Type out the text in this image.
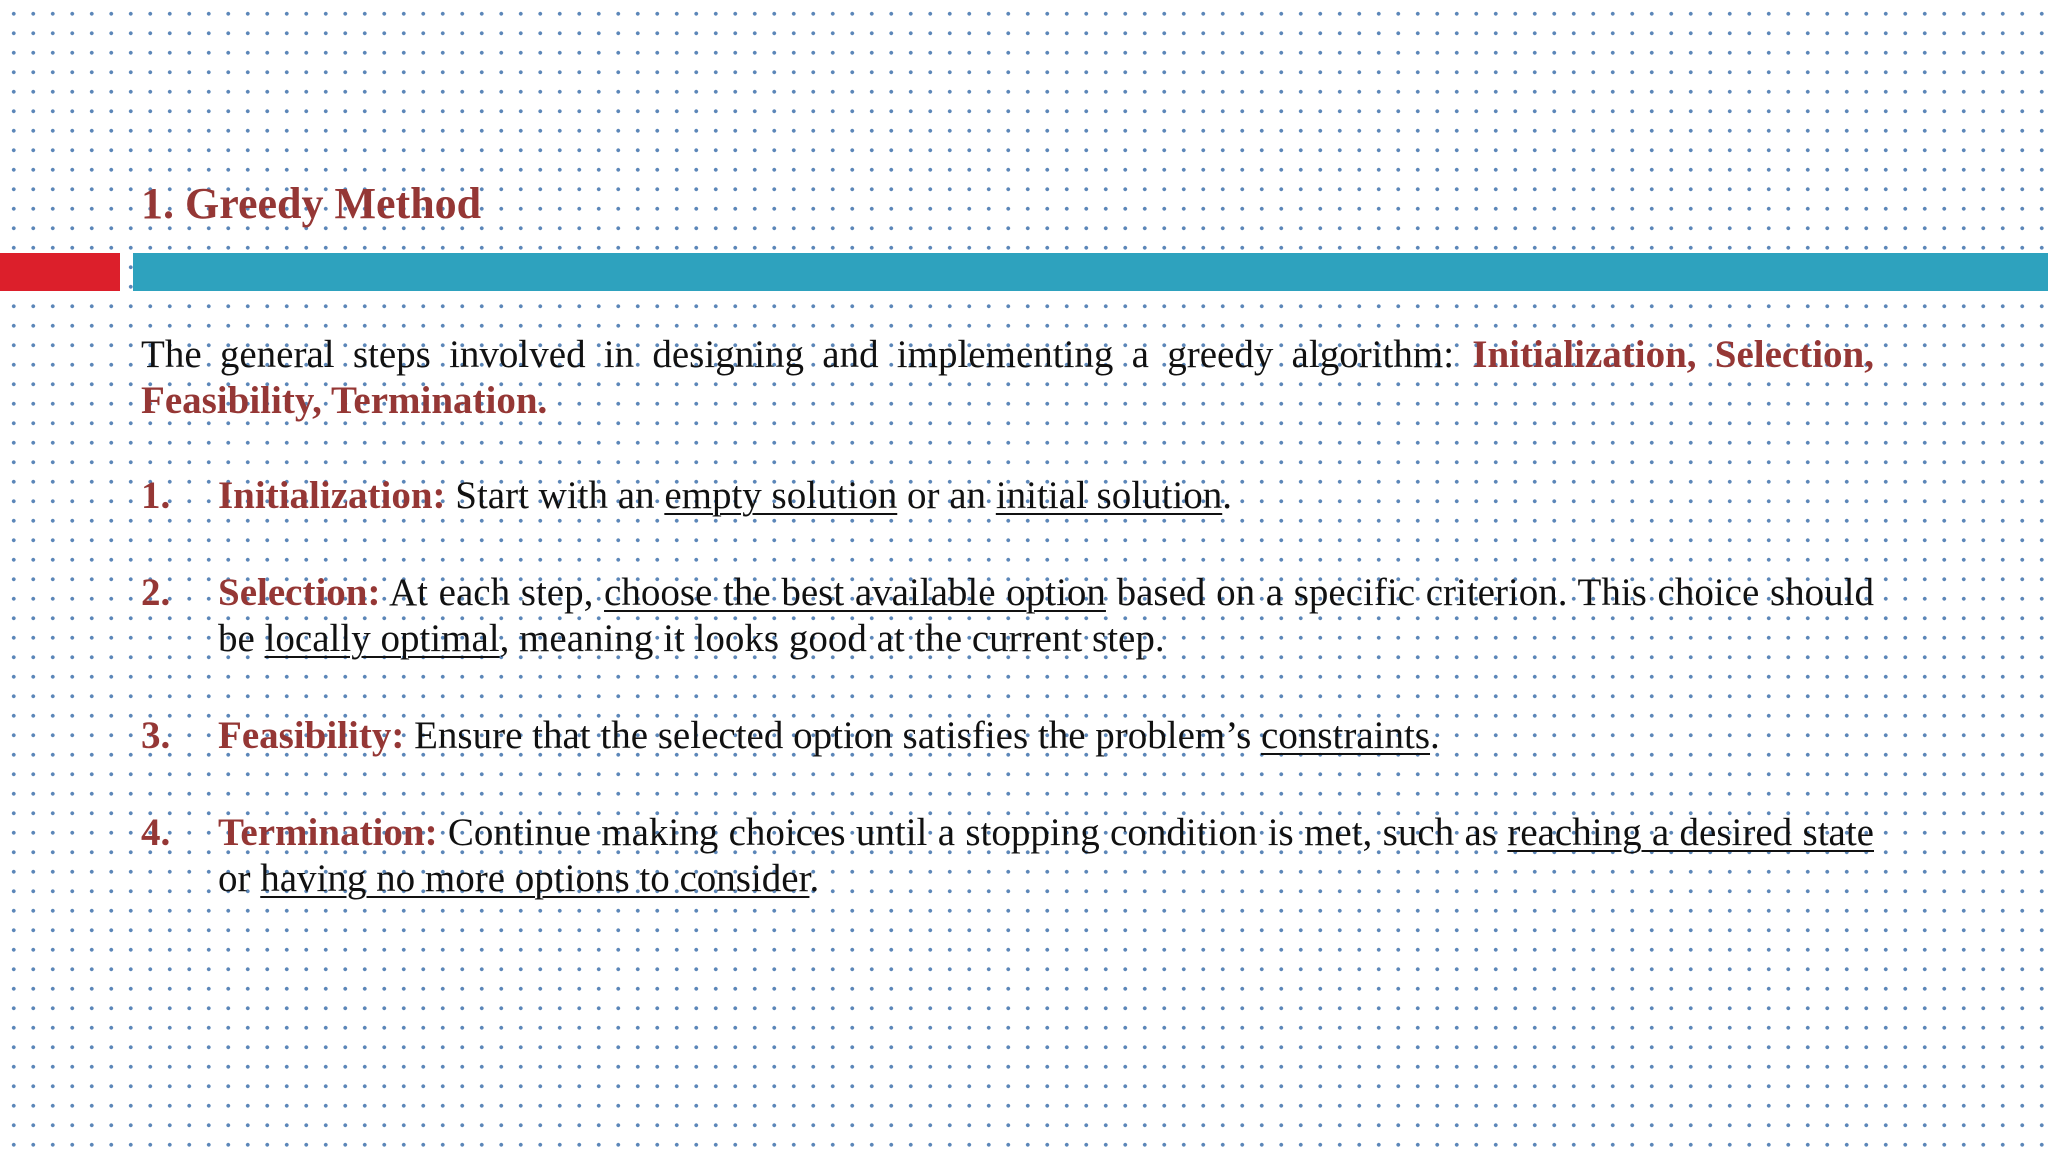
1. Greedy Method

The general steps involved in designing and implementing a greedy algorithm: Initialization, Selection, Feasibility, Termination.

1. Initialization: Start with an empty solution or an initial solution.
2. Selection: At each step, choose the best available option based on a specific criterion. This choice should be locally optimal, meaning it looks good at the current step.
3. Feasibility: Ensure that the selected option satisfies the problem’s constraints.
4. Termination: Continue making choices until a stopping condition is met, such as reaching a desired state or having no more options to consider.
